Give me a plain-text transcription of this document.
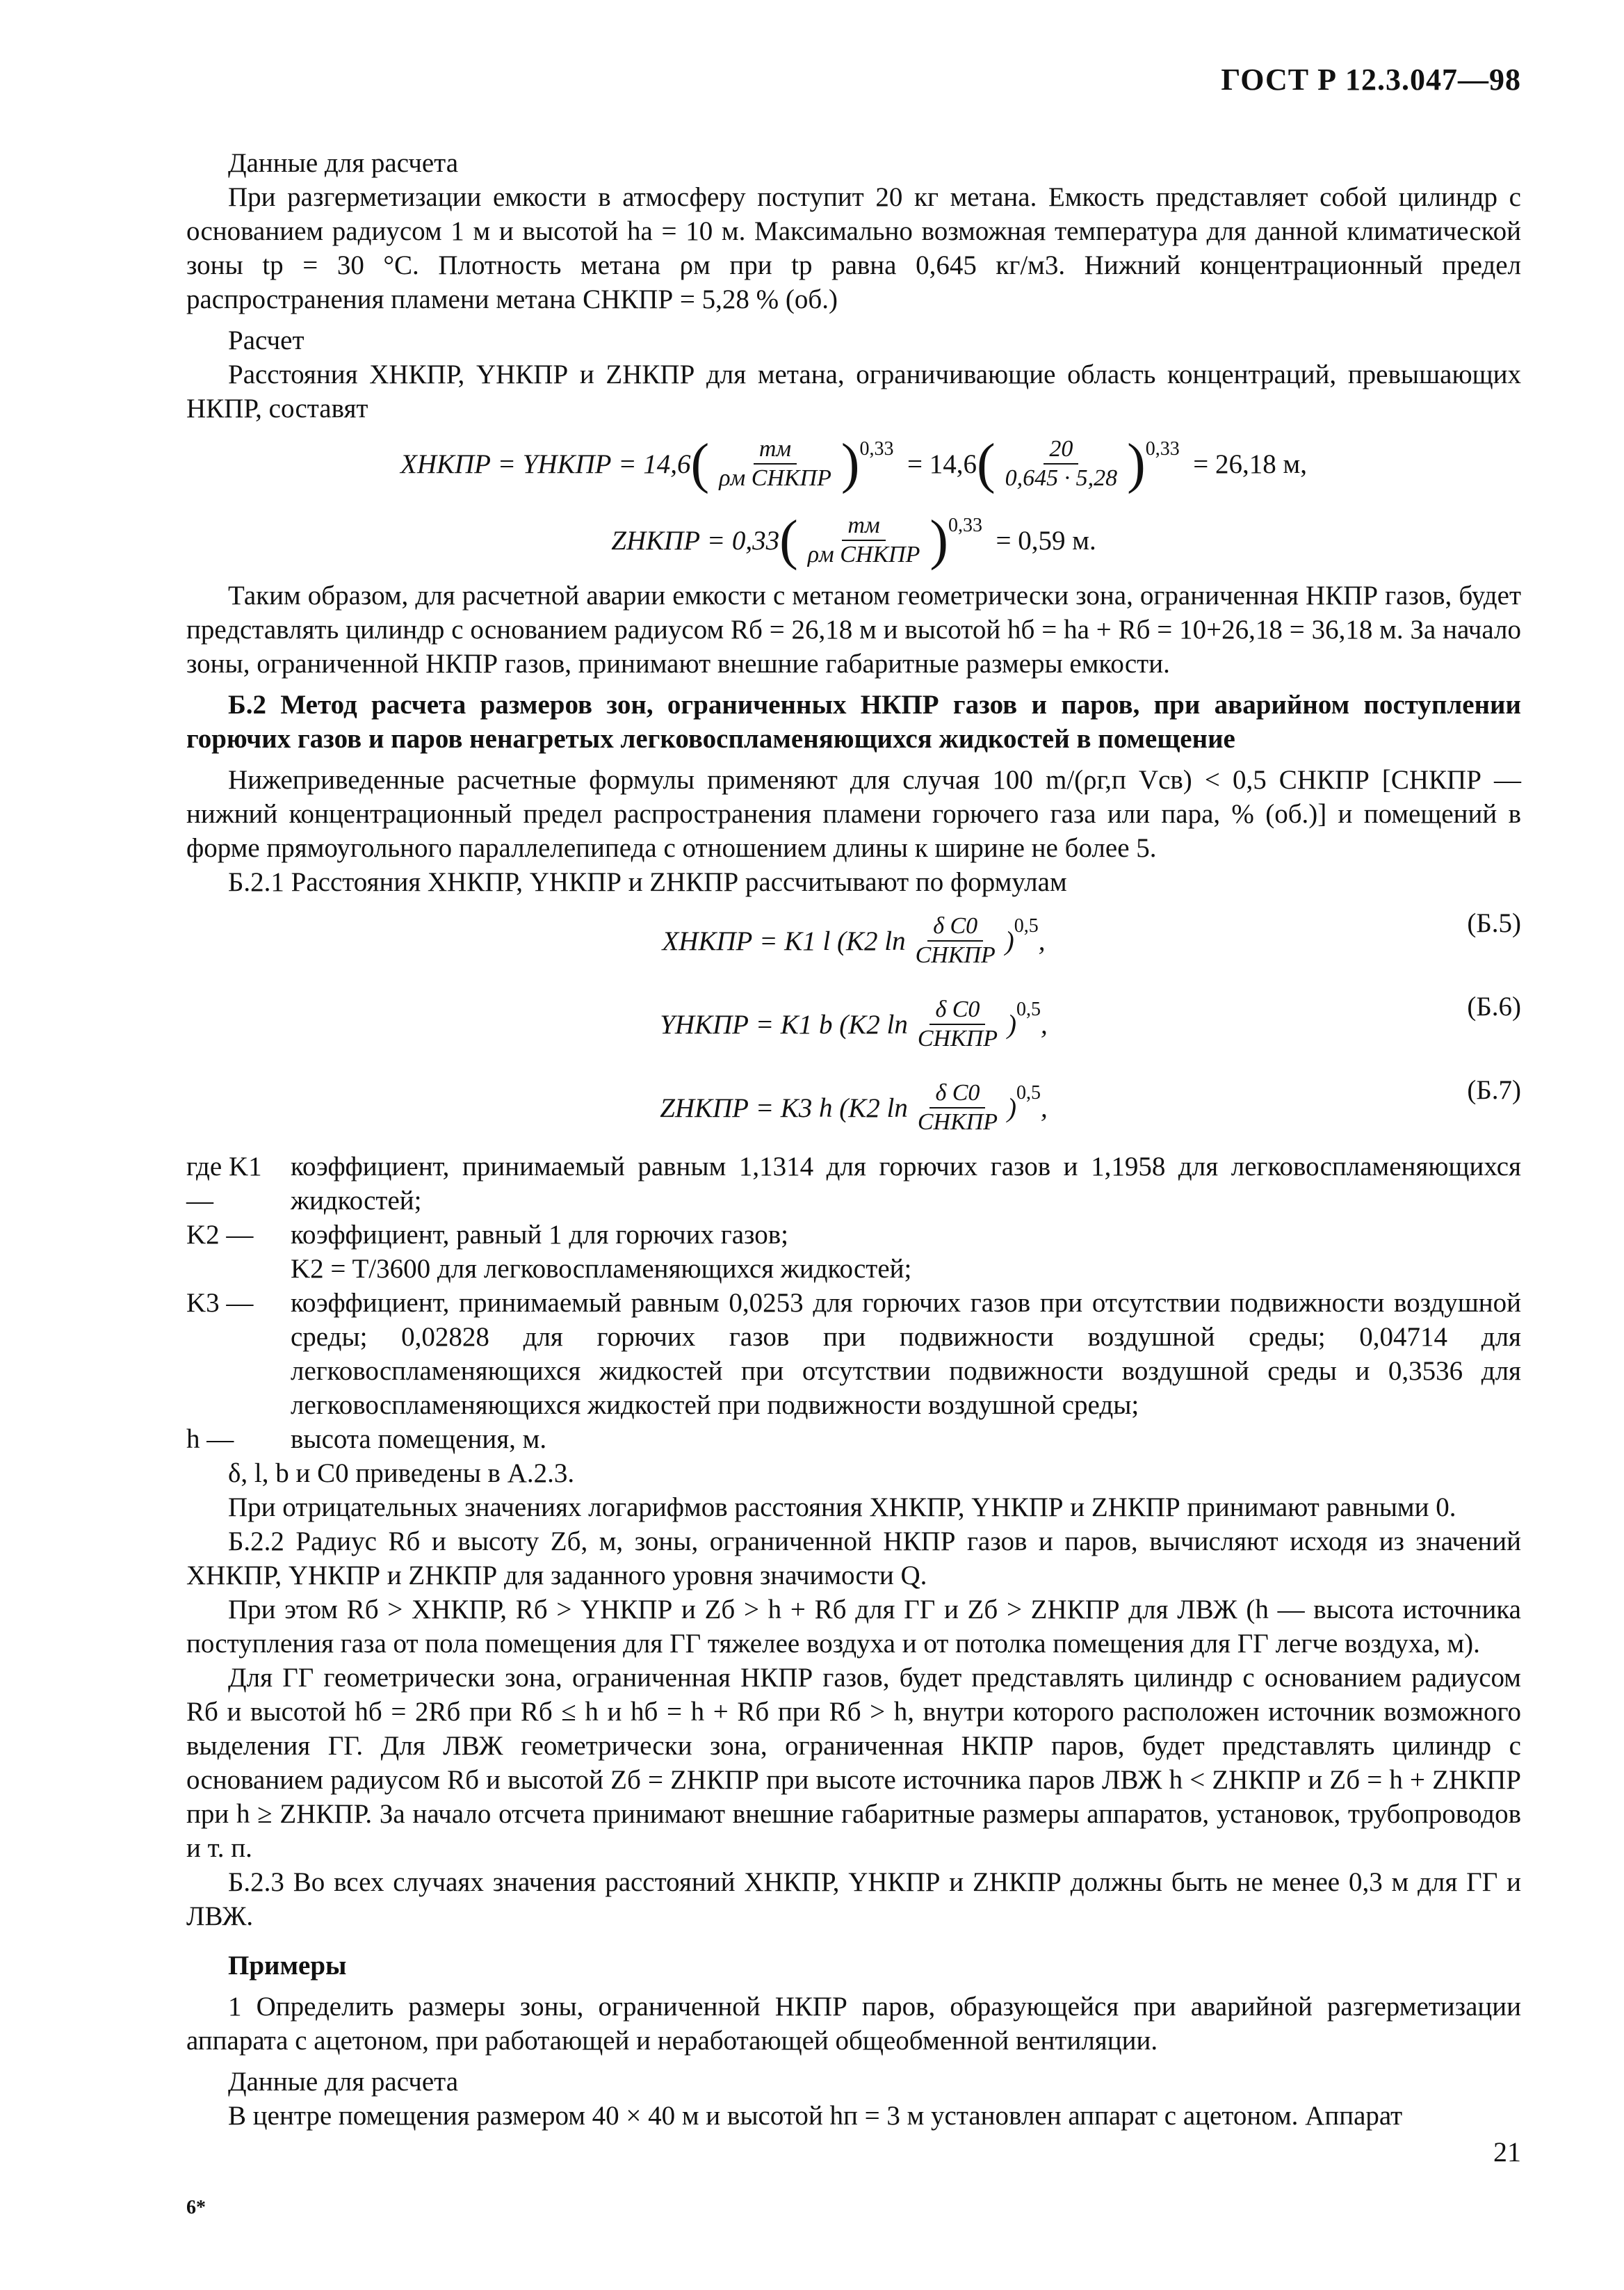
ГОСТ Р 12.3.047—98

Данные для расчета

При разгерметизации емкости в атмосферу поступит 20 кг метана. Емкость представляет собой цилиндр с основанием радиусом 1 м и высотой hа = 10 м. Максимально возможная температура для данной климатической зоны tр = 30 °С. Плотность метана ρм при tр равна 0,645 кг/м3. Нижний концентрационный предел распространения пламени метана CНКПР = 5,28 % (об.)

Расчет

Расстояния XНКПР, YНКПР и ZНКПР для метана, ограничивающие область концентраций, превышающих НКПР, составят

XНКПР = YНКПР = 14,6 ( $\frac{mм}{\text{ρм CНКПР}} )^{0,33}$

= 14,6 ( $\frac{20}{0,645 \cdot 5,28} )^{0,33}$

= 26,18 м,
ZНКПР = 0,33 ( $\frac{mм}{\text{ρм CНКПР}} )^{0,33}$

= 0,59 м.

Таким образом, для расчетной аварии емкости с метаном геометрически зона, ограниченная НКПР газов, будет представлять цилиндр с основанием радиусом Rб = 26,18 м и высотой hб = hа + Rб = 10+26,18 = 36,18 м. За начало зоны, ограниченной НКПР газов, принимают внешние габаритные размеры емкости.

Б.2 Метод расчета размеров зон, ограниченных НКПР газов и паров, при аварийном поступлении горючих газов и паров ненагретых легковоспламеняющихся жидкостей в помещение

Нижеприведенные расчетные формулы применяют для случая 100 m/(ρг,п Vсв) < 0,5 CНКПР [CНКПР — нижний концентрационный предел распространения пламени горючего газа или пара, % (об.)] и помещений в форме прямоугольного параллелепипеда с отношением длины к ширине не более 5.

Б.2.1 Расстояния XНКПР, YНКПР и ZНКПР рассчитывают по формулам

XНКПР = K1 l (K2 $\ln \frac{\text{δ C0}}{\text{CНКПР}}$ )
$^{0,5}$
,
(Б.5)
YНКПР = K1 b (K2 $\ln \frac{\text{δ C0}}{\text{CНКПР}}$ )
$^{0,5}$
,
(Б.6)
ZНКПР = K3 h (K2 $\ln \frac{\text{δ C0}}{\text{CНКПР}}$ )
$^{0,5}$
,
(Б.7)
где K1 —
коэффициент, принимаемый равным 1,1314 для горючих газов и 1,1958 для легковоспламеняющихся жидкостей;
K2 —	коэффициент, равный 1 для горючих газов;
K2 = T/3600 для легковоспламеняющихся жидкостей;
K3 —	коэффициент, принимаемый равным 0,0253 для горючих газов при отсутствии подвижности воздушной среды; 0,02828 для горючих газов при подвижности воздушной среды; 0,04714 для легковоспламеняющихся жидкостей при отсутствии подвижности воздушной среды и 0,3536 для легковоспламеняющихся жидкостей при подвижности воздушной среды;
h —	высота помещения, м.

δ, l, b и C0 приведены в А.2.3.

При отрицательных значениях логарифмов расстояния XНКПР, YНКПР и ZНКПР принимают равными 0.

Б.2.2 Радиус Rб и высоту Zб, м, зоны, ограниченной НКПР газов и паров, вычисляют исходя из значений XНКПР, YНКПР и ZНКПР для заданного уровня значимости Q.

При этом Rб > XНКПР, Rб > YНКПР и Zб > h + Rб для ГГ и Zб > ZНКПР для ЛВЖ (h — высота источника поступления газа от пола помещения для ГГ тяжелее воздуха и от потолка помещения для ГГ легче воздуха, м).

Для ГГ геометрически зона, ограниченная НКПР газов, будет представлять цилиндр с основанием радиусом Rб и высотой hб = 2Rб при Rб ≤ h и hб = h + Rб при Rб > h, внутри которого расположен источник возможного выделения ГГ. Для ЛВЖ геометрически зона, ограниченная НКПР паров, будет представлять цилиндр с основанием радиусом Rб и высотой Zб = ZНКПР при высоте источника паров ЛВЖ h < ZНКПР и Zб = h + ZНКПР при h ≥ ZНКПР. За начало отсчета принимают внешние габаритные размеры аппаратов, установок, трубопроводов и т. п.

Б.2.3 Во всех случаях значения расстояний XНКПР, YНКПР и ZНКПР должны быть не менее 0,3 м для ГГ и ЛВЖ.

Примеры

1 Определить размеры зоны, ограниченной НКПР паров, образующейся при аварийной разгерметизации аппарата с ацетоном, при работающей и неработающей общеобменной вентиляции.

Данные для расчета

В центре помещения размером 40 × 40 м и высотой hп = 3 м установлен аппарат с ацетоном. Аппарат

21
6*
